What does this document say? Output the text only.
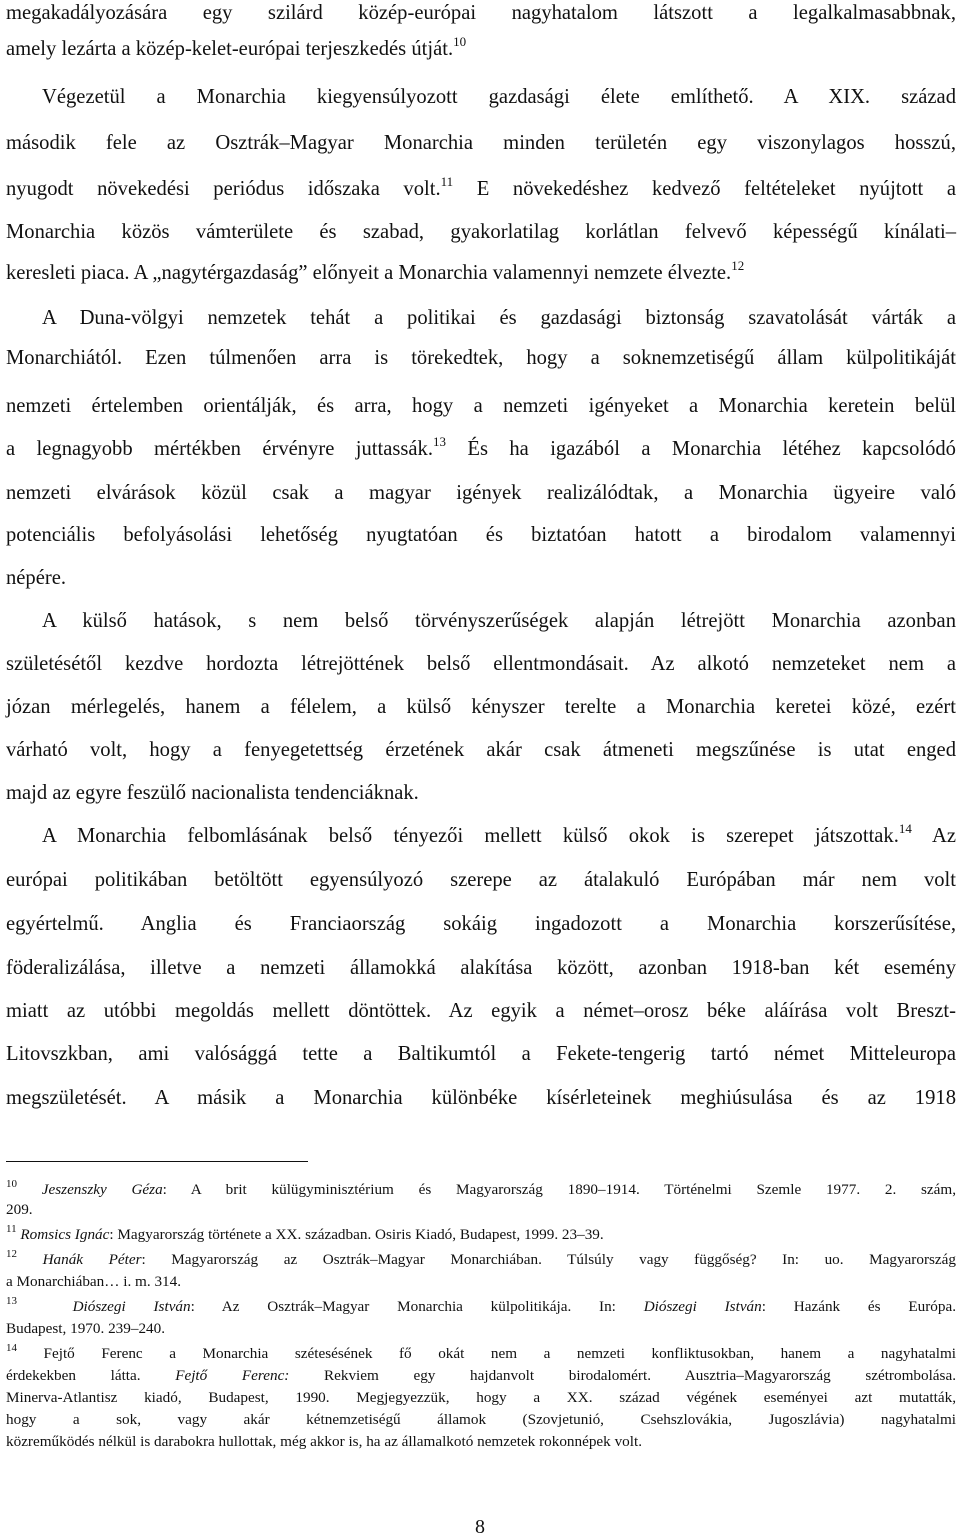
megakadályozására egy szilárd közép-európai nagyhatalom látszott a legalkalmasabbnak,
amely lezárta a közép-kelet-európai terjeszkedés útját.$^{10}$
Végezetül a Monarchia kiegyensúlyozott gazdasági élete említhető. A XIX. század
második fele az Osztrák–Magyar Monarchia minden területén egy viszonylagos hosszú,
nyugodt növekedési periódus időszaka volt.$^{11}$ E növekedéshez kedvező feltételeket nyújtott a
Monarchia közös vámterülete és szabad, gyakorlatilag korlátlan felvevő képességű kínálati–
keresleti piaca. A „nagytérgazdaság” előnyeit a Monarchia valamennyi nemzete élvezte.$^{12}$
A Duna-völgyi nemzetek tehát a politikai és gazdasági biztonság szavatolását várták a
Monarchiától. Ezen túlmenően arra is törekedtek, hogy a soknemzetiségű állam külpolitikáját
nemzeti értelemben orientálják, és arra, hogy a nemzeti igényeket a Monarchia keretein belül
a legnagyobb mértékben érvényre juttassák.$^{13}$ És ha igazából a Monarchia létéhez kapcsolódó
nemzeti elvárások közül csak a magyar igények realizálódtak, a Monarchia ügyeire való
potenciális befolyásolási lehetőség nyugtatóan és biztatóan hatott a birodalom valamennyi
népére.
A külső hatások, s nem belső törvényszerűségek alapján létrejött Monarchia azonban
születésétől kezdve hordozta létrejöttének belső ellentmondásait. Az alkotó nemzeteket nem a
józan mérlegelés, hanem a félelem, a külső kényszer terelte a Monarchia keretei közé, ezért
várható volt, hogy a fenyegetettség érzetének akár csak átmeneti megszűnése is utat enged
majd az egyre feszülő nacionalista tendenciáknak.
A Monarchia felbomlásának belső tényezői mellett külső okok is szerepet játszottak.$^{14}$ Az
európai politikában betöltött egyensúlyozó szerepe az átalakuló Európában már nem volt
egyértelmű. Anglia és Franciaország sokáig ingadozott a Monarchia korszerűsítése,
föderalizálása, illetve a nemzeti államokká alakítása között, azonban 1918-ban két esemény
miatt az utóbbi megoldás mellett döntöttek. Az egyik a német–orosz béke aláírása volt Breszt-
Litovszkban, ami valósággá tette a Baltikumtól a Fekete-tengerig tartó német Mitteleuropa
megszületését. A másik a Monarchia különbéke kísérleteinek meghiúsulása és az 1918
$^{10}$ Jeszenszky Géza: A brit külügyminisztérium és Magyarország 1890–1914. Történelmi Szemle 1977. 2. szám,
209.
$^{11}$ Romsics Ignác: Magyarország története a XX. században. Osiris Kiadó, Budapest, 1999. 23–39.
$^{12}$ Hanák Péter: Magyarország az Osztrák–Magyar Monarchiában. Túlsúly vagy függőség? In: uo. Magyarország
a Monarchiában… i. m. 314.
$^{13}$	Diószegi István: Az Osztrák–Magyar Monarchia külpolitikája. In: Diószegi István: Hazánk és Európa.
Budapest, 1970. 239–240.
$^{14}$ Fejtő Ferenc a Monarchia szétesésének fő okát nem a nemzeti konfliktusokban, hanem a nagyhatalmi
érdekekben látta. Fejtő Ferenc: Rekviem egy hajdanvolt birodalomért. Ausztria–Magyarország szétrombolása.
Minerva-Atlantisz kiadó, Budapest, 1990. Megjegyezzük, hogy a XX. század végének eseményei azt mutatták,
hogy a sok, vagy akár kétnemzetiségű államok (Szovjetunió, Csehszlovákia, Jugoszlávia) nagyhatalmi
közreműködés nélkül is darabokra hullottak, még akkor is, ha az államalkotó nemzetek rokonnépek volt.
8
